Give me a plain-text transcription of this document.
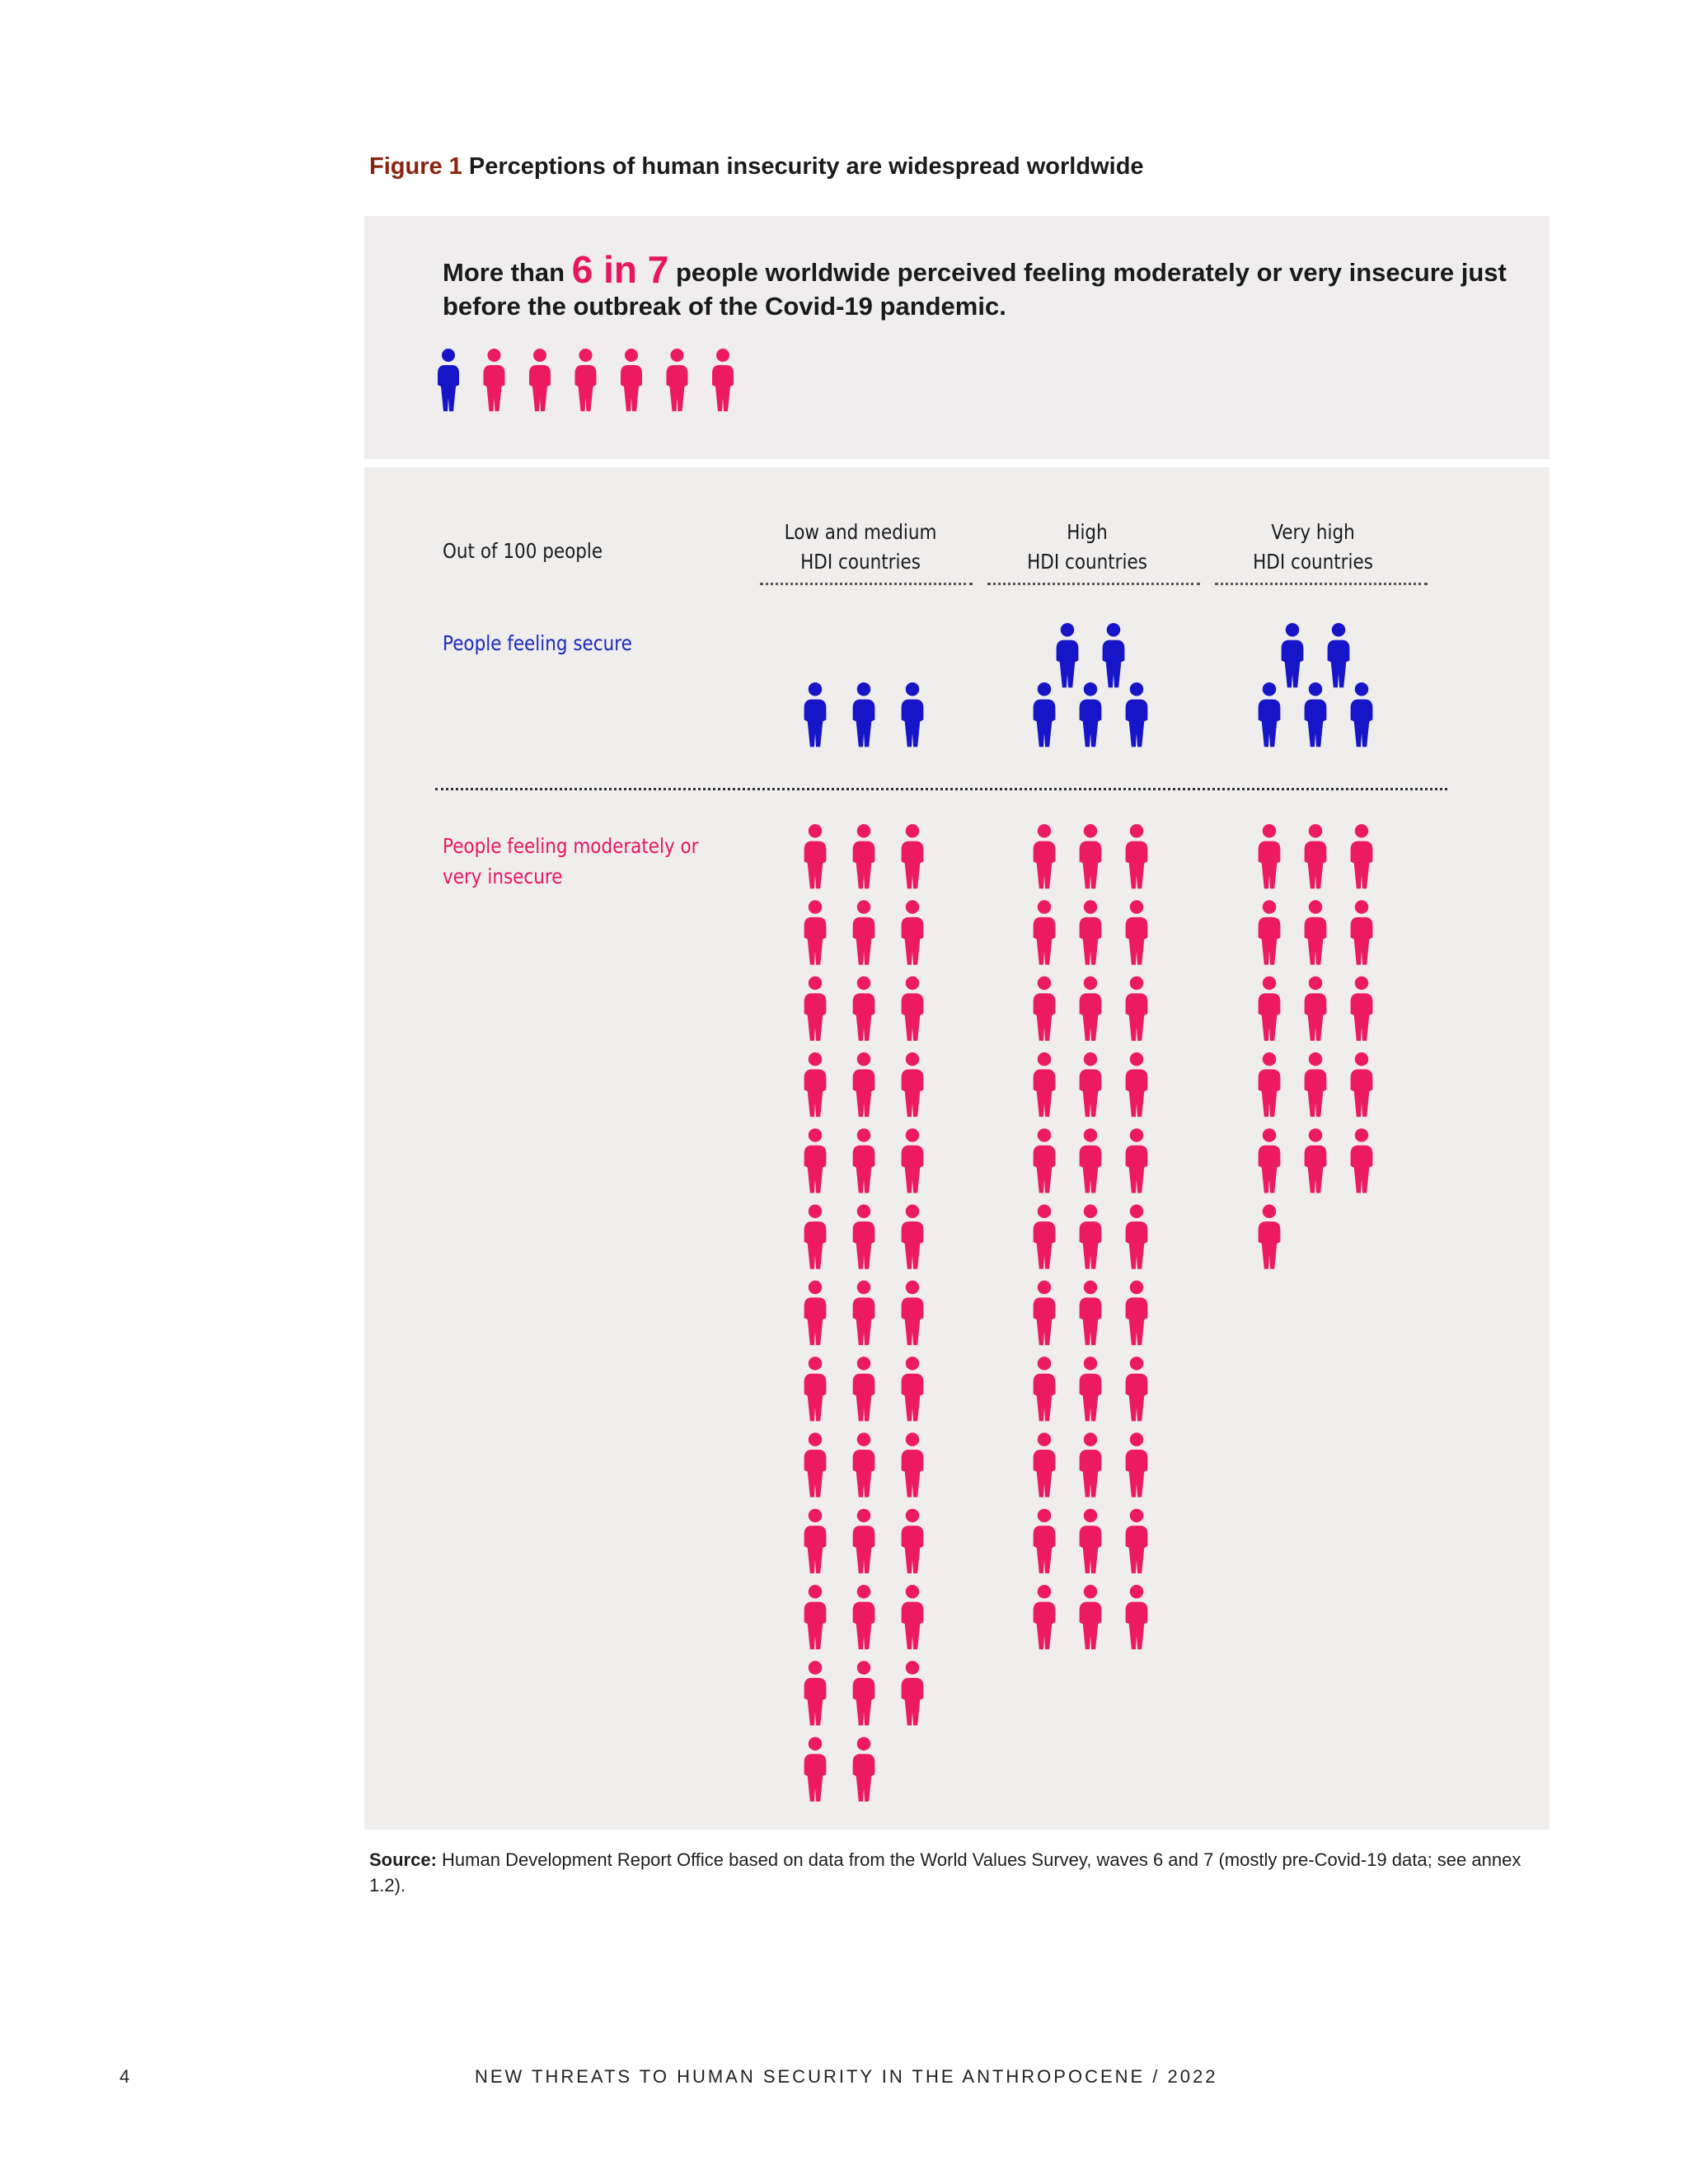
Figure 1 Perceptions of human insecurity are widespread worldwide
More than 6 in 7 people worldwide perceived feeling moderately or very insecure just before the outbreak of the Covid-19 pandemic.
Out of 100 people
Low and medium
HDI countries
High
HDI countries
Very high
HDI countries
People feeling secure
People feeling moderately or
very insecure
Source: Human Development Report Office based on data from the World Values Survey, waves 6 and 7 (mostly pre-Covid-19 data; see annex 1.2).
4	NEW THREATS TO HUMAN SECURITY IN THE ANTHROPOCENE / 2022
